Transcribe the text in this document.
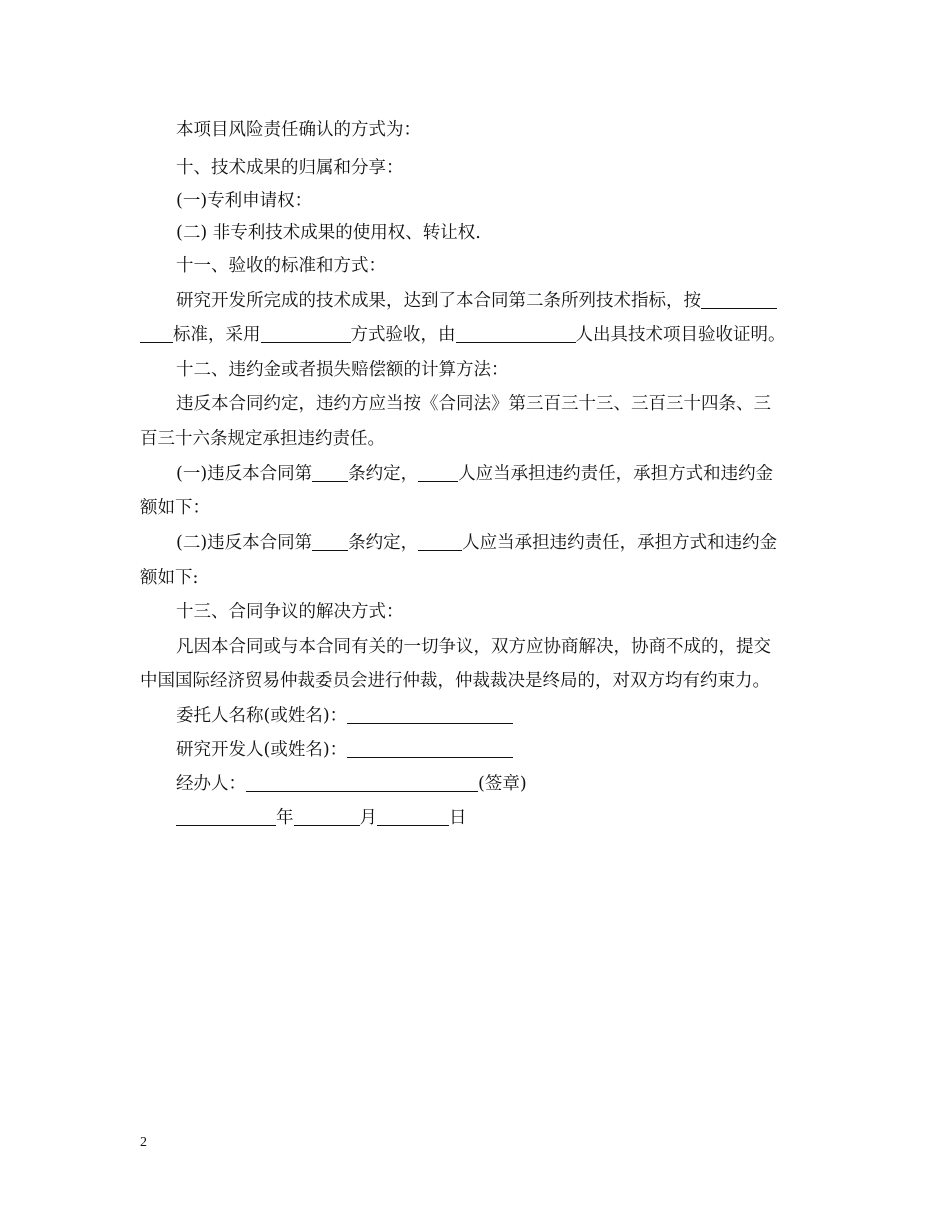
本项目风险责任确认的方式为：
十、技术成果的归属和分享：
(一)专利申请权：
(二) 非专利技术成果的使用权、转让权.
十一、验收的标准和方式：
研究开发所完成的技术成果，达到了本合同第二条所列技术指标，按
标准，采用	方式验收，由	人出具技术项目验收证明。
十二、违约金或者损失赔偿额的计算方法：
违反本合同约定，违约方应当按《合同法》第三百三十三、三百三十四条、三
百三十六条规定承担违约责任。
(一)违反本合同第 条约定， 人应当承担违约责任，承担方式和违约金
额如下：
(二)违反本合同第 条约定，	人应当承担违约责任，承担方式和违约金
额如下:
十三、合同争议的解决方式：
凡因本合同或与本合同有关的一切争议，双方应协商解决，协商不成的，提交
中国国际经济贸易仲裁委员会进行仲裁，仲裁裁决是终局的，对双方均有约束力。
委托人名称(或姓名)：
研究开发人(或姓名)：
经办人：	(签章)
年	月	日
2
